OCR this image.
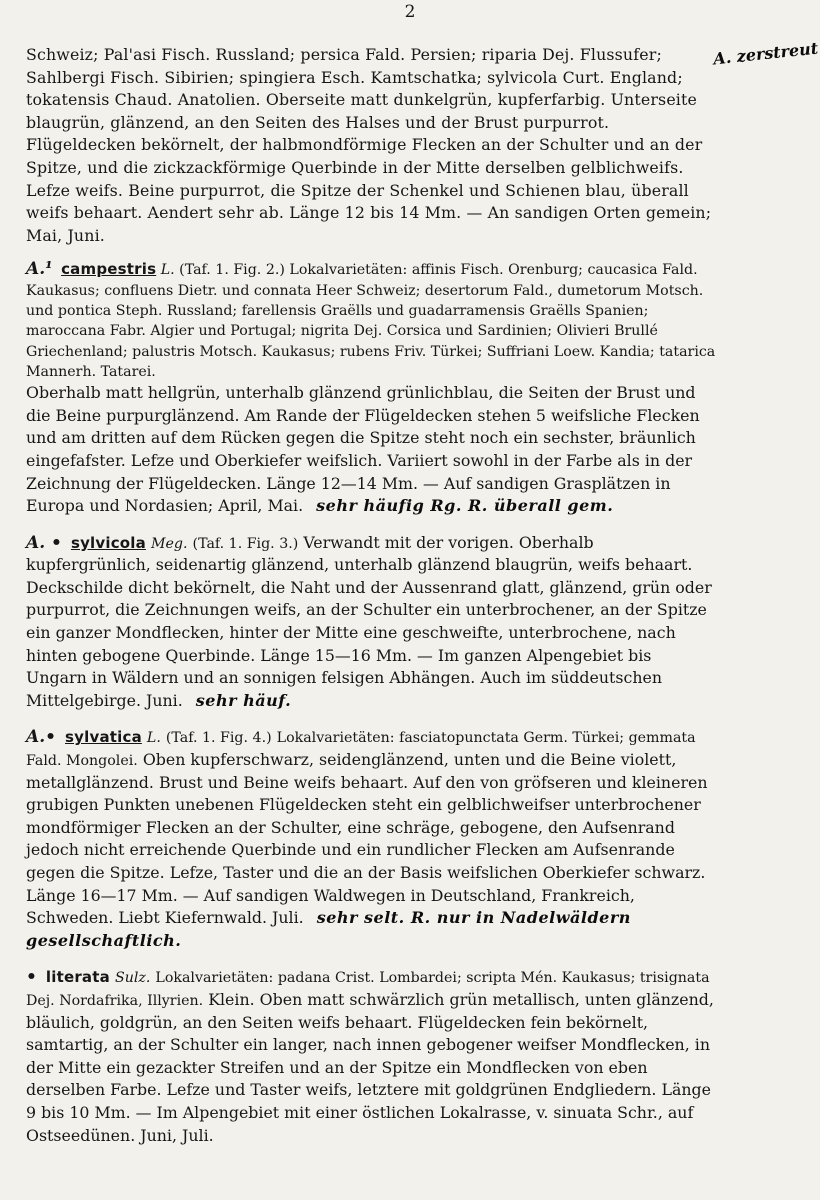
2
A. zerstreut

Schweiz; Pal'asi Fisch. Russland; persica Fald. Persien; riparia Dej. Flussufer; Sahlbergi Fisch. Sibirien; spingiera Esch. Kamtschatka; sylvicola Curt. England; tokatensis Chaud. Anatolien. Oberseite matt dunkelgrün, kupferfarbig. Unterseite blaugrün, glänzend, an den Seiten des Halses und der Brust purpurrot. Flügeldecken bekörnelt, der halbmondförmige Flecken an der Schulter und an der Spitze, und die zickzackförmige Querbinde in der Mitte derselben gelblichweifs. Lefze weifs. Beine purpurrot, die Spitze der Schenkel und Schienen blau, überall weifs behaart. Aendert sehr ab. Länge 12 bis 14 Mm. — An sandigen Orten gemein; Mai, Juni.

A.¹ campestris L. (Taf. 1. Fig. 2.) Lokalvarietäten: affinis Fisch. Orenburg; caucasica Fald. Kaukasus; confluens Dietr. und connata Heer Schweiz; desertorum Fald., dumetorum Motsch. und pontica Steph. Russland; farellensis Graëlls und guadarramensis Graëlls Spanien; maroccana Fabr. Algier und Portugal; nigrita Dej. Corsica und Sardinien; Olivieri Brullé Griechenland; palustris Motsch. Kaukasus; rubens Friv. Türkei; Suffriani Loew. Kandia; tatarica Mannerh. Tatarei.

Oberhalb matt hellgrün, unterhalb glänzend grünlichblau, die Seiten der Brust und die Beine purpurglänzend. Am Rande der Flügeldecken stehen 5 weifsliche Flecken und am dritten auf dem Rücken gegen die Spitze steht noch ein sechster, bräunlich eingefafster. Lefze und Oberkiefer weifslich. Variiert sowohl in der Farbe als in der Zeichnung der Flügeldecken. Länge 12—14 Mm. — Auf sandigen Grasplätzen in Europa und Nordasien; April, Mai. sehr häufig Rg. R. überall gem.

A. • sylvicola Meg. (Taf. 1. Fig. 3.) Verwandt mit der vorigen. Oberhalb kupfergrünlich, seidenartig glänzend, unterhalb glänzend blaugrün, weifs behaart. Deckschilde dicht bekörnelt, die Naht und der Aussenrand glatt, glänzend, grün oder purpurrot, die Zeichnungen weifs, an der Schulter ein unterbrochener, an der Spitze ein ganzer Mondflecken, hinter der Mitte eine geschweifte, unterbrochene, nach hinten gebogene Querbinde. Länge 15—16 Mm. — Im ganzen Alpengebiet bis Ungarn in Wäldern und an sonnigen felsigen Abhängen. Auch im süddeutschen Mittelgebirge. Juni. sehr häuf.

A.• sylvatica L. (Taf. 1. Fig. 4.) Lokalvarietäten: fasciatopunctata Germ. Türkei; gemmata Fald. Mongolei. Oben kupferschwarz, seidenglänzend, unten und die Beine violett, metallglänzend. Brust und Beine weifs behaart. Auf den von gröfseren und kleineren grubigen Punkten unebenen Flügeldecken steht ein gelblichweifser unterbrochener mondförmiger Flecken an der Schulter, eine schräge, gebogene, den Aufsenrand jedoch nicht erreichende Querbinde und ein rundlicher Flecken am Aufsenrande gegen die Spitze. Lefze, Taster und die an der Basis weifslichen Oberkiefer schwarz. Länge 16—17 Mm. — Auf sandigen Waldwegen in Deutschland, Frankreich, Schweden. Liebt Kiefernwald. Juli. sehr selt. R. nur in Nadelwäldern gesellschaftlich.

• literata Sulz. Lokalvarietäten: padana Crist. Lombardei; scripta Mén. Kaukasus; trisignata Dej. Nordafrika, Illyrien. Klein. Oben matt schwärzlich grün metallisch, unten glänzend, bläulich, goldgrün, an den Seiten weifs behaart. Flügeldecken fein bekörnelt, samtartig, an der Schulter ein langer, nach innen gebogener weifser Mondflecken, in der Mitte ein gezackter Streifen und an der Spitze ein Mondflecken von eben derselben Farbe. Lefze und Taster weifs, letztere mit goldgrünen Endgliedern. Länge 9 bis 10 Mm. — Im Alpengebiet mit einer östlichen Lokalrasse, v. sinuata Schr., auf Ostseedünen. Juni, Juli.
